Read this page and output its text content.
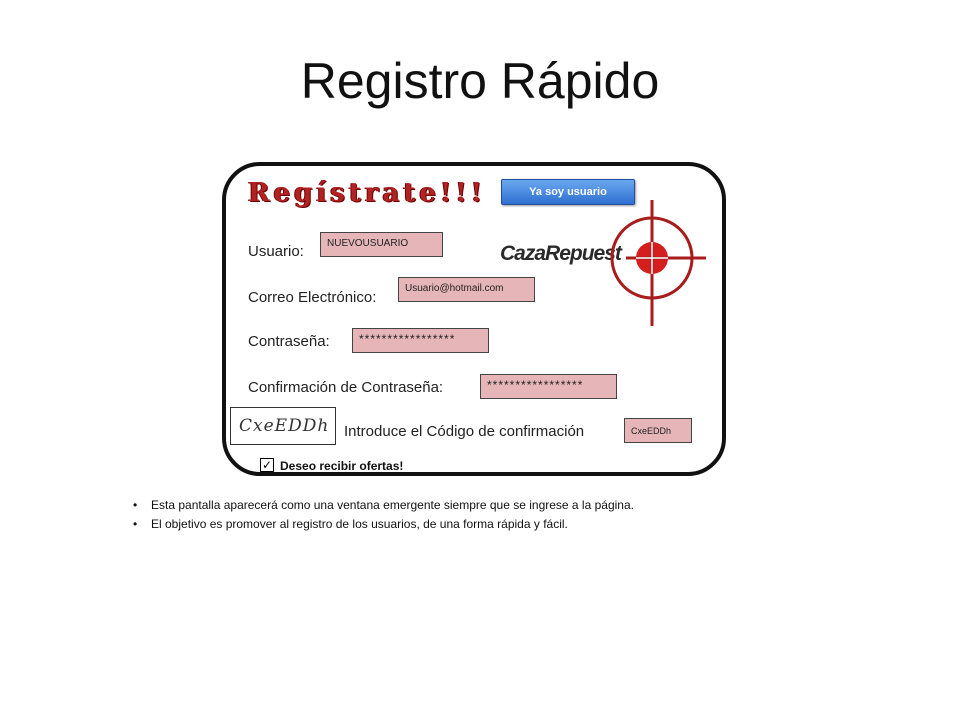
Registro Rápido
Regístrate!!!	Ya soy usuario
CazaRepuest
Usuario:	NUEVOUSUARIO
Correo Electrónico:
Usuario@hotmail.com
Contraseña:	*****************
Confirmación de Contraseña:	*****************
CxeEDDh Introduce el Código de confirmación	CxeEDDh
✓ Deseo recibir ofertas!
•	Esta pantalla aparecerá como una ventana emergente siempre que se ingrese a la página.
•	El objetivo es promover al registro de los usuarios, de una forma rápida y fácil.
